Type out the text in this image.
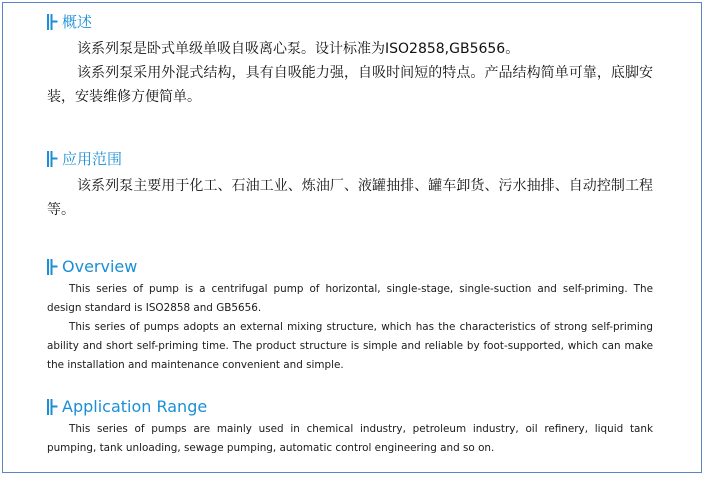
概述

该系列泵是卧式单级单吸自吸离心泵。设计标准为ISO2858,GB5656。

该系列泵采用外混式结构，具有自吸能力强，自吸时间短的特点。产品结构简单可靠，底脚安装，安装维修方便简单。

应用范围

该系列泵主要用于化工、石油工业、炼油厂、液罐抽排、罐车卸货、污水抽排、自动控制工程等。

Overview

This series of pump is a centrifugal pump of horizontal, single-stage, single-suction and self-priming. The design standard is ISO2858 and GB5656.

This series of pumps adopts an external mixing structure, which has the characteristics of strong self-priming ability and short self-priming time. The product structure is simple and reliable by foot-supported, which can make the installation and maintenance convenient and simple.

Application Range

This series of pumps are mainly used in chemical industry, petroleum industry, oil refinery, liquid tank pumping, tank unloading, sewage pumping, automatic control engineering and so on.
